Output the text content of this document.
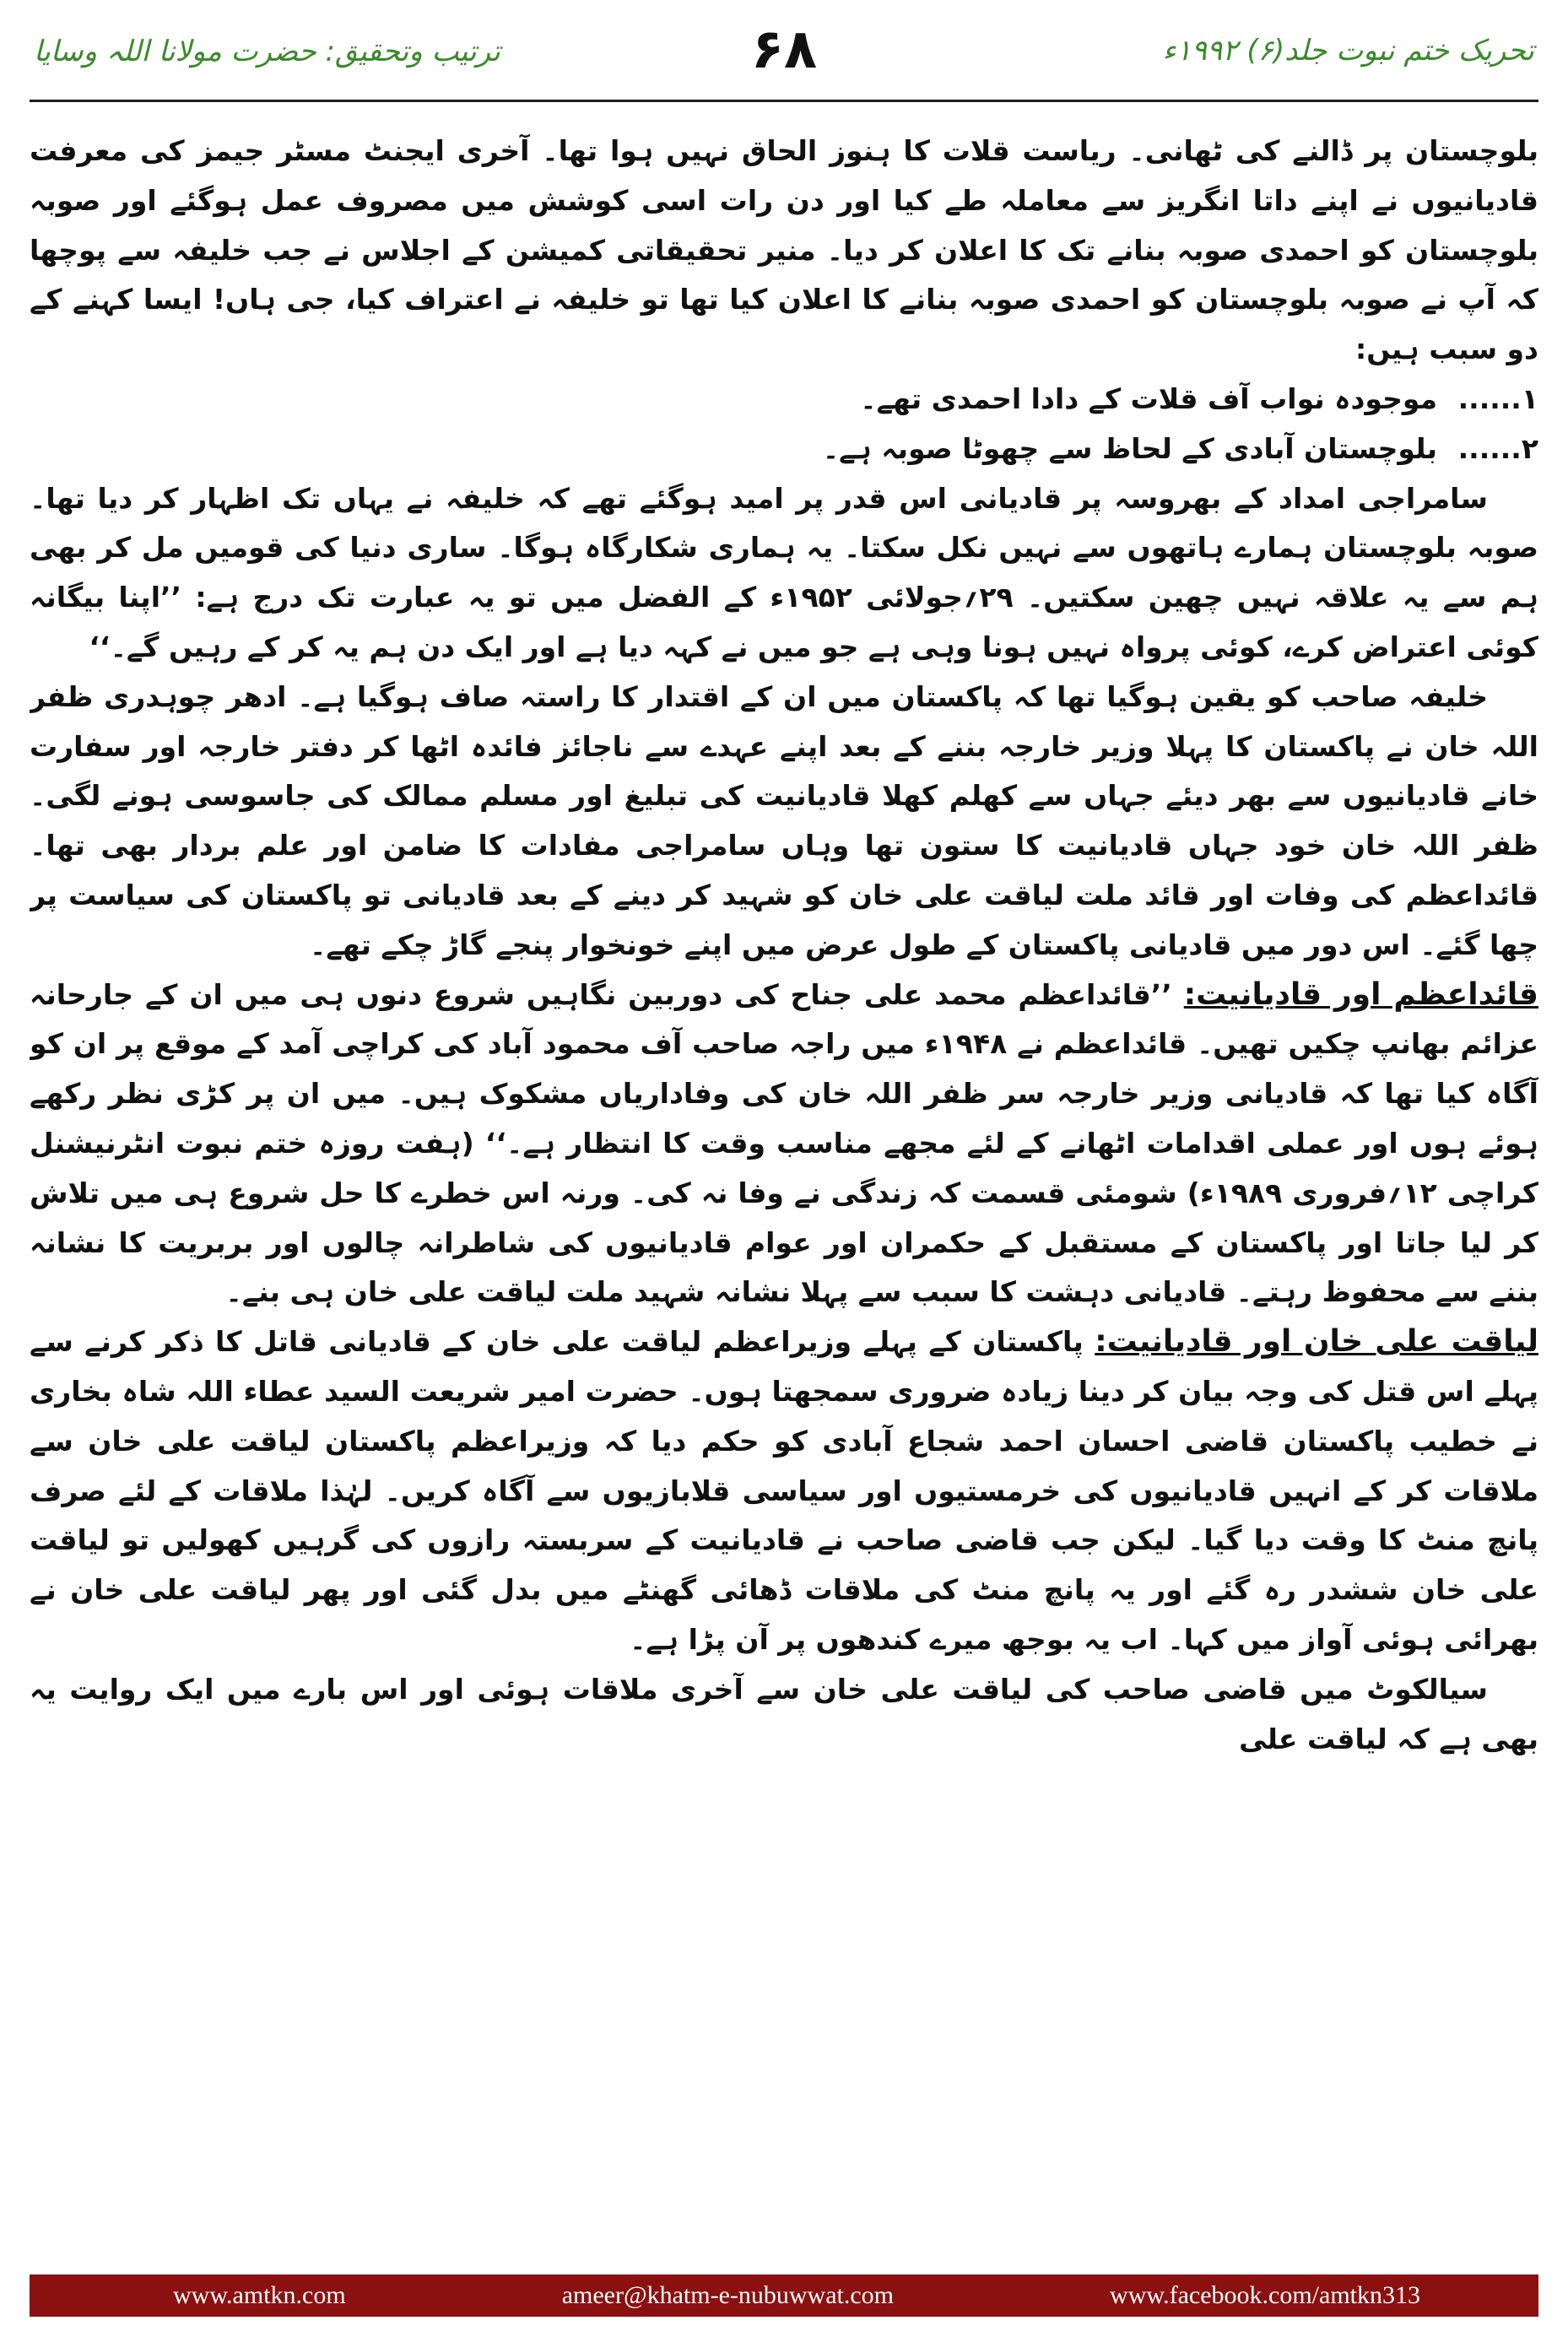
تحریک ختم نبوت جلد(۶) ۱۹۹۲ء
۶۸
ترتیب وتحقیق: حضرت مولانا اللہ وسایا

بلوچستان پر ڈالنے کی ٹھانی۔ ریاست قلات کا ہنوز الحاق نہیں ہوا تھا۔ آخری ایجنٹ مسٹر جیمز کی معرفت قادیانیوں نے اپنے داتا انگریز سے معاملہ طے کیا اور دن رات اسی کوشش میں مصروف عمل ہوگئے اور صوبہ بلوچستان کو احمدی صوبہ بنانے تک کا اعلان کر دیا۔ منیر تحقیقاتی کمیشن کے اجلاس نے جب خلیفہ سے پوچھا کہ آپ نے صوبہ بلوچستان کو احمدی صوبہ بنانے کا اعلان کیا تھا تو خلیفہ نے اعتراف کیا، جی ہاں! ایسا کہنے کے دو سبب ہیں:

۱......
موجودہ نواب آف قلات کے دادا احمدی تھے۔
۲......
بلوچستان آبادی کے لحاظ سے چھوٹا صوبہ ہے۔

سامراجی امداد کے بھروسہ پر قادیانی اس قدر پر امید ہوگئے تھے کہ خلیفہ نے یہاں تک اظہار کر دیا تھا۔ صوبہ بلوچستان ہمارے ہاتھوں سے نہیں نکل سکتا۔ یہ ہماری شکارگاہ ہوگا۔ ساری دنیا کی قومیں مل کر بھی ہم سے یہ علاقہ نہیں چھین سکتیں۔ ۲۹؍جولائی ۱۹۵۲ء کے الفضل میں تو یہ عبارت تک درج ہے: ’’اپنا بیگانہ کوئی اعتراض کرے، کوئی پرواہ نہیں ہونا وہی ہے جو میں نے کہہ دیا ہے اور ایک دن ہم یہ کر کے رہیں گے۔‘‘

خلیفہ صاحب کو یقین ہوگیا تھا کہ پاکستان میں ان کے اقتدار کا راستہ صاف ہوگیا ہے۔ ادھر چوہدری ظفر اللہ خان نے پاکستان کا پہلا وزیر خارجہ بننے کے بعد اپنے عہدے سے ناجائز فائدہ اٹھا کر دفتر خارجہ اور سفارت خانے قادیانیوں سے بھر دیئے جہاں سے کھلم کھلا قادیانیت کی تبلیغ اور مسلم ممالک کی جاسوسی ہونے لگی۔ ظفر اللہ خان خود جہاں قادیانیت کا ستون تھا وہاں سامراجی مفادات کا ضامن اور علم بردار بھی تھا۔ قائداعظم کی وفات اور قائد ملت لیاقت علی خان کو شہید کر دینے کے بعد قادیانی تو پاکستان کی سیاست پر چھا گئے۔ اس دور میں قادیانی پاکستان کے طول عرض میں اپنے خونخوار پنجے گاڑ چکے تھے۔

قائداعظم اور قادیانیت: ’’قائداعظم محمد علی جناح کی دوربین نگاہیں شروع دنوں ہی میں ان کے جارحانہ عزائم بھانپ چکیں تھیں۔ قائداعظم نے ۱۹۴۸ء میں راجہ صاحب آف محمود آباد کی کراچی آمد کے موقع پر ان کو آگاہ کیا تھا کہ قادیانی وزیر خارجہ سر ظفر اللہ خان کی وفاداریاں مشکوک ہیں۔ میں ان پر کڑی نظر رکھے ہوئے ہوں اور عملی اقدامات اٹھانے کے لئے مجھے مناسب وقت کا انتظار ہے۔‘‘ (ہفت روزہ ختم نبوت انٹرنیشنل کراچی ۱۲؍فروری ۱۹۸۹ء) شومئی قسمت کہ زندگی نے وفا نہ کی۔ ورنہ اس خطرے کا حل شروع ہی میں تلاش کر لیا جاتا اور پاکستان کے مستقبل کے حکمران اور عوام قادیانیوں کی شاطرانہ چالوں اور بربریت کا نشانہ بننے سے محفوظ رہتے۔ قادیانی دہشت کا سبب سے پہلا نشانہ شہید ملت لیاقت علی خان ہی بنے۔

لیاقت علی خان اور قادیانیت: پاکستان کے پہلے وزیراعظم لیاقت علی خان کے قادیانی قاتل کا ذکر کرنے سے پہلے اس قتل کی وجہ بیان کر دینا زیادہ ضروری سمجھتا ہوں۔ حضرت امیر شریعت السید عطاء اللہ شاہ بخاری نے خطیب پاکستان قاضی احسان احمد شجاع آبادی کو حکم دیا کہ وزیراعظم پاکستان لیاقت علی خان سے ملاقات کر کے انہیں قادیانیوں کی خرمستیوں اور سیاسی قلابازیوں سے آگاہ کریں۔ لہٰذا ملاقات کے لئے صرف پانچ منٹ کا وقت دیا گیا۔ لیکن جب قاضی صاحب نے قادیانیت کے سربستہ رازوں کی گرہیں کھولیں تو لیاقت علی خان ششدر رہ گئے اور یہ پانچ منٹ کی ملاقات ڈھائی گھنٹے میں بدل گئی اور پھر لیاقت علی خان نے بھرائی ہوئی آواز میں کہا۔ اب یہ بوجھ میرے کندھوں پر آن پڑا ہے۔

سیالکوٹ میں قاضی صاحب کی لیاقت علی خان سے آخری ملاقات ہوئی اور اس بارے میں ایک روایت یہ بھی ہے کہ لیاقت علی

www.amtkn.com	ameer@khatm-e-nubuwwat.com	www.facebook.com/amtkn313
